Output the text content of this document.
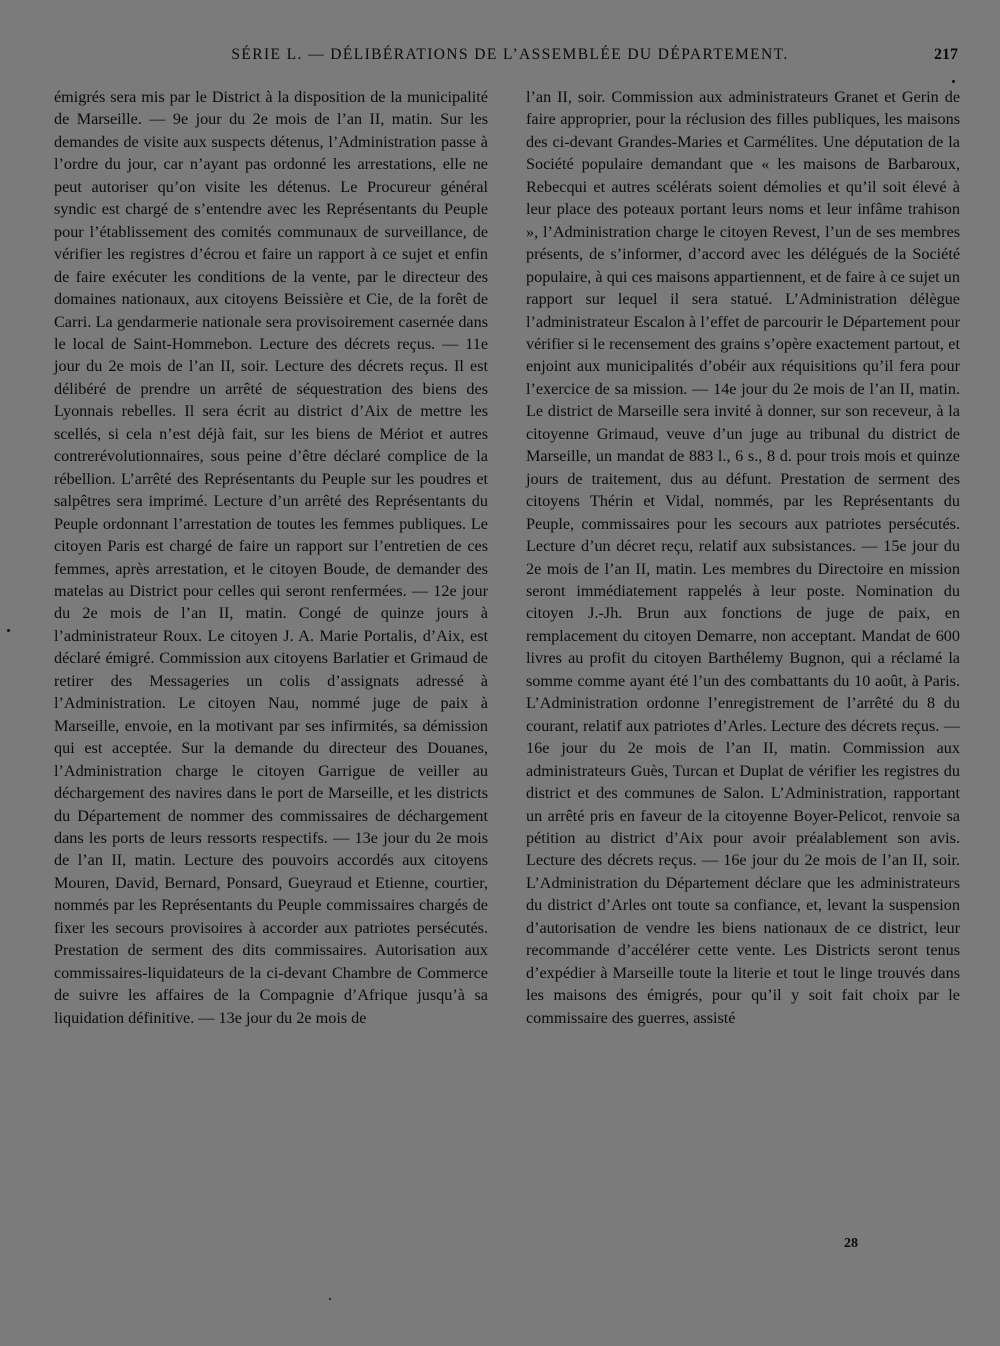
SÉRIE L. — DÉLIBÉRATIONS DE L’ASSEMBLÉE DU DÉPARTEMENT.	217

émigrés sera mis par le District à la disposition de la municipalité de Marseille. — 9e jour du 2e mois de l’an II, matin. Sur les demandes de visite aux suspects détenus, l’Administration passe à l’ordre du jour, car n’ayant pas ordonné les arrestations, elle ne peut autoriser qu’on visite les détenus. Le Procureur général syndic est chargé de s’entendre avec les Représentants du Peuple pour l’établissement des comités communaux de surveillance, de vérifier les registres d’écrou et faire un rapport à ce sujet et enfin de faire exécuter les conditions de la vente, par le directeur des domaines nationaux, aux citoyens Beissière et Cie, de la forêt de Carri. La gendarmerie nationale sera provisoirement casernée dans le local de Saint-Hommebon. Lecture des décrets reçus. — 11e jour du 2e mois de l’an II, soir. Lecture des décrets reçus. Il est délibéré de prendre un arrêté de séquestration des biens des Lyonnais rebelles. Il sera écrit au district d’Aix de mettre les scellés, si cela n’est déjà fait, sur les biens de Mériot et autres contrerévolutionnaires, sous peine d’être déclaré complice de la rébellion. L’arrêté des Représentants du Peuple sur les poudres et salpêtres sera imprimé. Lecture d’un arrêté des Représentants du Peuple ordonnant l’arrestation de toutes les femmes publiques. Le citoyen Paris est chargé de faire un rapport sur l’entretien de ces femmes, après arrestation, et le citoyen Boude, de demander des matelas au District pour celles qui seront renfermées. — 12e jour du 2e mois de l’an II, matin. Congé de quinze jours à l’administrateur Roux. Le citoyen J. A. Marie Portalis, d’Aix, est déclaré émigré. Commission aux citoyens Barlatier et Grimaud de retirer des Messageries un colis d’assignats adressé à l’Administration. Le citoyen Nau, nommé juge de paix à Marseille, envoie, en la motivant par ses infirmités, sa démission qui est acceptée. Sur la demande du directeur des Douanes, l’Administration charge le citoyen Garrigue de veiller au déchargement des navires dans le port de Marseille, et les districts du Département de nommer des commissaires de déchargement dans les ports de leurs ressorts respectifs. — 13e jour du 2e mois de l’an II, matin. Lecture des pouvoirs accordés aux citoyens Mouren, David, Bernard, Ponsard, Gueyraud et Etienne, courtier, nommés par les Représentants du Peuple commissaires chargés de fixer les secours provisoires à accorder aux patriotes persécutés. Prestation de serment des dits commissaires. Autorisation aux commissaires-liquidateurs de la ci-devant Chambre de Commerce de suivre les affaires de la Compagnie d’Afrique jusqu’à sa liquidation définitive. — 13e jour du 2e mois de

l’an II, soir. Commission aux administrateurs Granet et Gerin de faire approprier, pour la réclusion des filles publiques, les maisons des ci-devant Grandes-Maries et Carmélites. Une députation de la Société populaire demandant que « les maisons de Barbaroux, Rebecqui et autres scélérats soient démolies et qu’il soit élevé à leur place des poteaux portant leurs noms et leur infâme trahison », l’Administration charge le citoyen Revest, l’un de ses membres présents, de s’informer, d’accord avec les délégués de la Société populaire, à qui ces maisons appartiennent, et de faire à ce sujet un rapport sur lequel il sera statué. L’Administration délègue l’administrateur Escalon à l’effet de parcourir le Département pour vérifier si le recensement des grains s’opère exactement partout, et enjoint aux municipalités d’obéir aux réquisitions qu’il fera pour l’exercice de sa mission. — 14e jour du 2e mois de l’an II, matin. Le district de Marseille sera invité à donner, sur son receveur, à la citoyenne Grimaud, veuve d’un juge au tribunal du district de Marseille, un mandat de 883 l., 6 s., 8 d. pour trois mois et quinze jours de traitement, dus au défunt. Prestation de serment des citoyens Thérin et Vidal, nommés, par les Représentants du Peuple, commissaires pour les secours aux patriotes persécutés. Lecture d’un décret reçu, relatif aux subsistances. — 15e jour du 2e mois de l’an II, matin. Les membres du Directoire en mission seront immédiatement rappelés à leur poste. Nomination du citoyen J.-Jh. Brun aux fonctions de juge de paix, en remplacement du citoyen Demarre, non acceptant. Mandat de 600 livres au profit du citoyen Barthélemy Bugnon, qui a réclamé la somme comme ayant été l’un des combattants du 10 août, à Paris. L’Administration ordonne l’enregistrement de l’arrêté du 8 du courant, relatif aux patriotes d’Arles. Lecture des décrets reçus. — 16e jour du 2e mois de l’an II, matin. Commission aux administrateurs Guès, Turcan et Duplat de vérifier les registres du district et des communes de Salon. L’Administration, rapportant un arrêté pris en faveur de la citoyenne Boyer-Pelicot, renvoie sa pétition au district d’Aix pour avoir préalablement son avis. Lecture des décrets reçus. — 16e jour du 2e mois de l’an II, soir. L’Administration du Département déclare que les administrateurs du district d’Arles ont toute sa confiance, et, levant la suspension d’autorisation de vendre les biens nationaux de ce district, leur recommande d’accélérer cette vente. Les Districts seront tenus d’expédier à Marseille toute la literie et tout le linge trouvés dans les maisons des émigrés, pour qu’il y soit fait choix par le commissaire des guerres, assisté

28
